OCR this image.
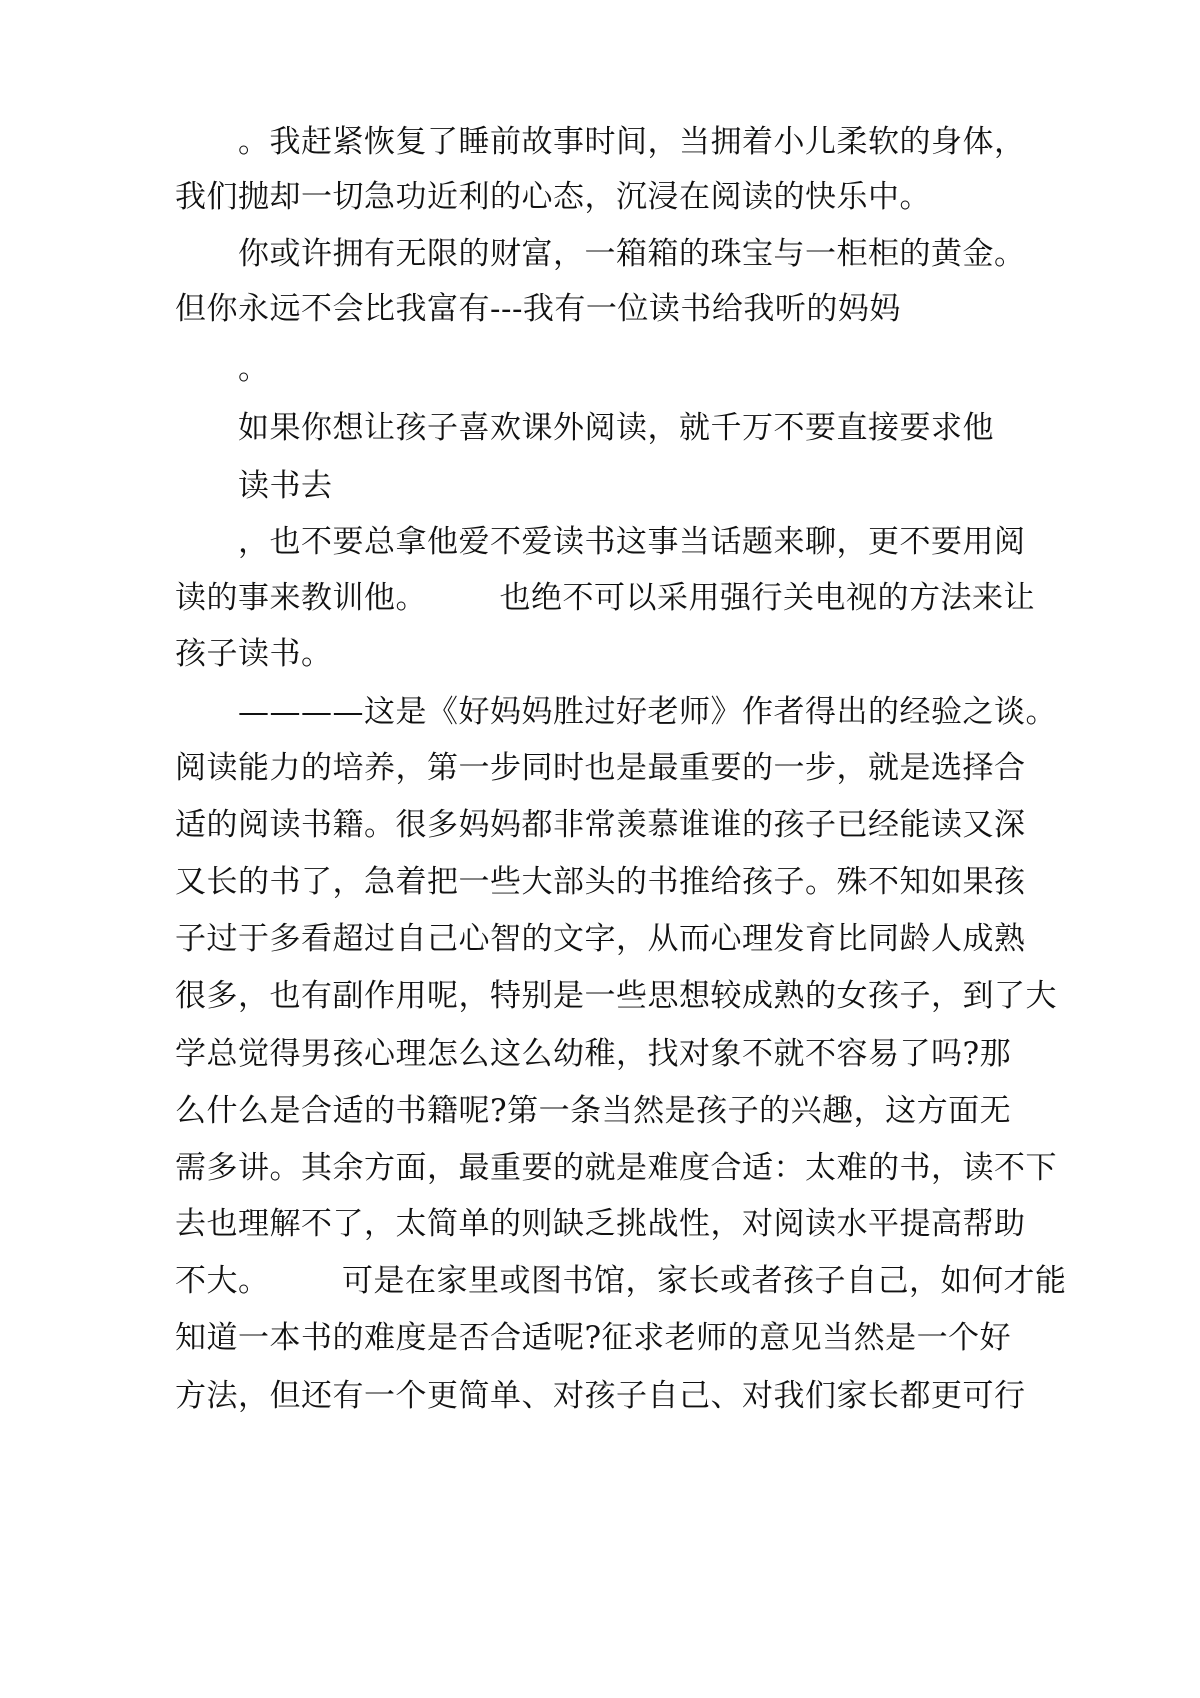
。我赶紧恢复了睡前故事时间，当拥着小儿柔软的身体，
我们抛却一切急功近利的心态，沉浸在阅读的快乐中。
你或许拥有无限的财富，一箱箱的珠宝与一柜柜的黄金。
但你永远不会比我富有---我有一位读书给我听的妈妈
。
如果你想让孩子喜欢课外阅读，就千万不要直接要求他
读书去
，也不要总拿他爱不爱读书这事当话题来聊，更不要用阅
读的事来教训他。       也绝不可以采用强行关电视的方法来让
孩子读书。
————这是《好妈妈胜过好老师》作者得出的经验之谈。
阅读能力的培养，第一步同时也是最重要的一步，就是选择合
适的阅读书籍。很多妈妈都非常羡慕谁谁的孩子已经能读又深
又长的书了，急着把一些大部头的书推给孩子。殊不知如果孩
子过于多看超过自己心智的文字，从而心理发育比同龄人成熟
很多，也有副作用呢，特别是一些思想较成熟的女孩子，到了大
学总觉得男孩心理怎么这么幼稚，找对象不就不容易了吗?那
么什么是合适的书籍呢?第一条当然是孩子的兴趣，这方面无
需多讲。其余方面，最重要的就是难度合适：太难的书，读不下
去也理解不了，太简单的则缺乏挑战性，对阅读水平提高帮助
不大。       可是在家里或图书馆，家长或者孩子自己，如何才能
知道一本书的难度是否合适呢?征求老师的意见当然是一个好
方法，但还有一个更简单、对孩子自己、对我们家长都更可行
